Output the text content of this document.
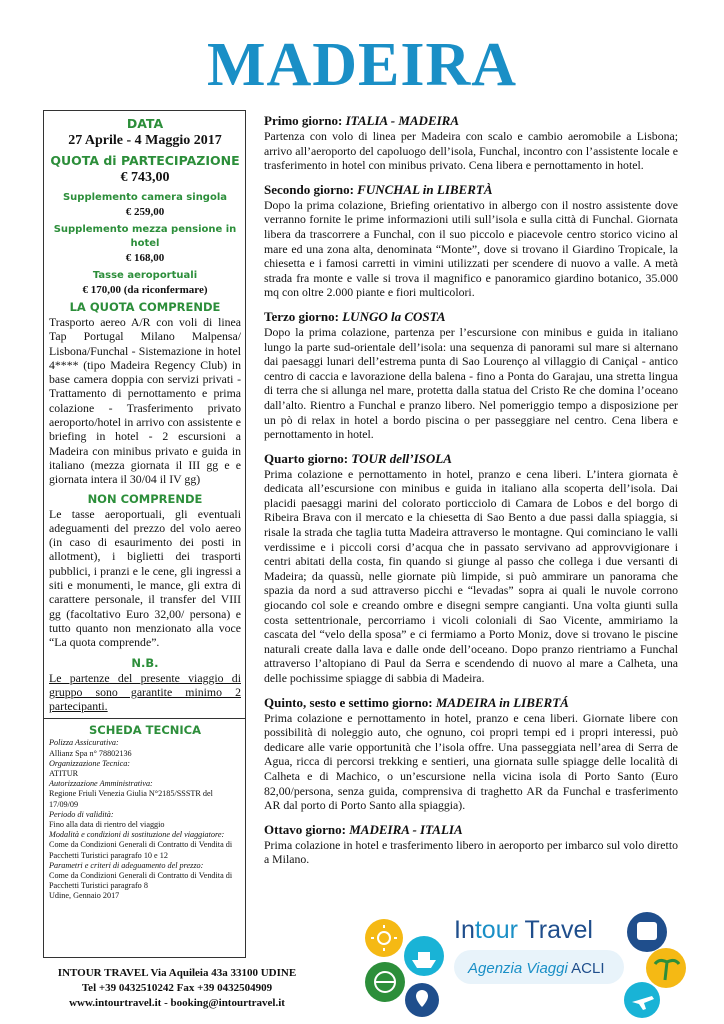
MADEIRA
DATA
27 Aprile - 4 Maggio 2017
QUOTA di PARTECIPAZIONE
€ 743,00
Supplemento camera singola
€ 259,00
Supplemento mezza pensione in hotel
€ 168,00
Tasse aeroportuali
€ 170,00 (da riconfermare)
LA QUOTA COMPRENDE
Trasporto aereo A/R con voli di linea Tap Portugal Milano Malpensa/ Lisbona/Funchal - Sistemazione in hotel 4**** (tipo Madeira Regency Club) in base camera doppia con servizi privati - Trattamento di pernottamento e prima colazione - Trasferimento privato aeroporto/hotel in arrivo con assistente e briefing in hotel - 2 escursioni a Madeira con minibus privato e guida in italiano (mezza giornata il III gg e e giornata intera il 30/04 il IV gg)
NON COMPRENDE
Le tasse aeroportuali, gli eventuali adeguamenti del prezzo del volo aereo (in caso di esaurimento dei posti in allotment), i biglietti dei trasporti pubblici, i pranzi e le cene, gli ingressi a siti e monumenti, le mance, gli extra di carattere personale, il transfer del VIII gg (facoltativo Euro 32,00/ persona) e tutto quanto non menzionato alla voce “La quota comprende”.
N.B.
Le partenze del presente viaggio di gruppo sono garantite minimo 2 partecipanti.
SCHEDA TECNICA
Polizza Assicurativa:
Allianz Spa n° 78802136
Organizzazione Tecnica:
ATITUR
Autorizzazione Amministrativa:
Regione Friuli Venezia Giulia N°2185/SSSTR del 17/09/09
Periodo di validità:
Fino alla data di rientro del viaggio
Modalità e condizioni di sostituzione del viaggiatore:
Come da Condizioni Generali di Contratto di Vendita di Pacchetti Turistici paragrafo 10 e 12
Parametri e criteri di adeguamento del prezzo:
Come da Condizioni Generali di Contratto di Vendita di Pacchetti Turistici paragrafo 8
Udine, Gennaio 2017
Primo giorno: ITALIA - MADEIRA

Partenza con volo di linea per Madeira con scalo e cambio aeromobile a Lisbona; arrivo all’aeroporto del capoluogo dell’isola, Funchal, incontro con l’assistente locale e trasferimento in hotel con minibus privato. Cena libera e pernottamento in hotel.

Secondo giorno: FUNCHAL in LIBERTÀ

Dopo la prima colazione, Briefing orientativo in albergo con il nostro assistente dove verranno fornite le prime informazioni utili sull’isola e sulla città di Funchal. Giornata libera da trascorrere a Funchal, con il suo piccolo e piacevole centro storico vicino al mare ed una zona alta, denominata “Monte”, dove si trovano il Giardino Tropicale, la chiesetta e i famosi carretti in vimini utilizzati per scendere di nuovo a valle. A metà strada fra monte e valle si trova il magnifico e panoramico giardino botanico, 35.000 mq con oltre 2.000 piante e fiori multicolori.

Terzo giorno: LUNGO la COSTA

Dopo la prima colazione, partenza per l’escursione con minibus e guida in italiano lungo la parte sud-orientale dell’isola: una sequenza di panorami sul mare si alternano dai paesaggi lunari dell’estrema punta di Sao Lourenço al villaggio di Caniçal - antico centro di caccia e lavorazione della balena - fino a Ponta do Garajau, una stretta lingua di terra che si allunga nel mare, protetta dalla statua del Cristo Re che domina l’oceano dall’alto. Rientro a Funchal e pranzo libero. Nel pomeriggio tempo a disposizione per un pò di relax in hotel a bordo piscina o per passeggiare nel centro. Cena libera e pernottamento in hotel.

Quarto giorno: TOUR dell’ISOLA

Prima colazione e pernottamento in hotel, pranzo e cena liberi. L’intera giornata è dedicata all’escursione con minibus e guida in italiano alla scoperta dell’isola. Dai placidi paesaggi marini del colorato porticciolo di Camara de Lobos e del borgo di Ribeira Brava con il mercato e la chiesetta di Sao Bento a due passi dalla spiaggia, si risale la strada che taglia tutta Madeira attraverso le montagne. Qui cominciano le valli verdissime e i piccoli corsi d’acqua che in passato servivano ad approvvigionare i centri abitati della costa, fin quando si giunge al passo che collega i due versanti di Madeira; da quassù, nelle giornate più limpide, si può ammirare un panorama che spazia da nord a sud attraverso picchi e “levadas” sopra ai quali le nuvole corrono giocando col sole e creando ombre e disegni sempre cangianti. Una volta giunti sulla costa settentrionale, percorriamo i vicoli coloniali di Sao Vicente, ammiriamo la cascata del “velo della sposa” e ci fermiamo a Porto Moniz, dove si trovano le piscine naturali create dalla lava e dalle onde dell’oceano. Dopo pranzo rientriamo a Funchal attraverso l’altopiano di Paul da Serra e scendendo di nuovo al mare a Calheta, una delle pochissime spiagge di sabbia di Madeira.

Quinto, sesto e settimo giorno: MADEIRA in LIBERTÁ

Prima colazione e pernottamento in hotel, pranzo e cena liberi. Giornate libere con possibilità di noleggio auto, che ognuno, coi propri tempi ed i propri interessi, può dedicare alle varie opportunità che l’isola offre. Una passeggiata nell’area di Serra de Agua, ricca di percorsi trekking e sentieri, una giornata sulle spiagge delle località di Calheta e di Machico, o un’escursione nella vicina isola di Porto Santo (Euro 82,00/persona, senza guida, comprensiva di traghetto AR da Funchal e trasferimento AR dal porto di Porto Santo alla spiaggia).

Ottavo giorno: MADEIRA - ITALIA

Prima colazione in hotel e trasferimento libero in aeroporto per imbarco sul volo diretto a Milano.

INTOUR TRAVEL Via Aquileia 43a 33100 UDINE
Tel +39 0432510242 Fax +39 0432504909
www.intourtravel.it - booking@intourtravel.it
Intour Travel
Agenzia Viaggi ACLI
